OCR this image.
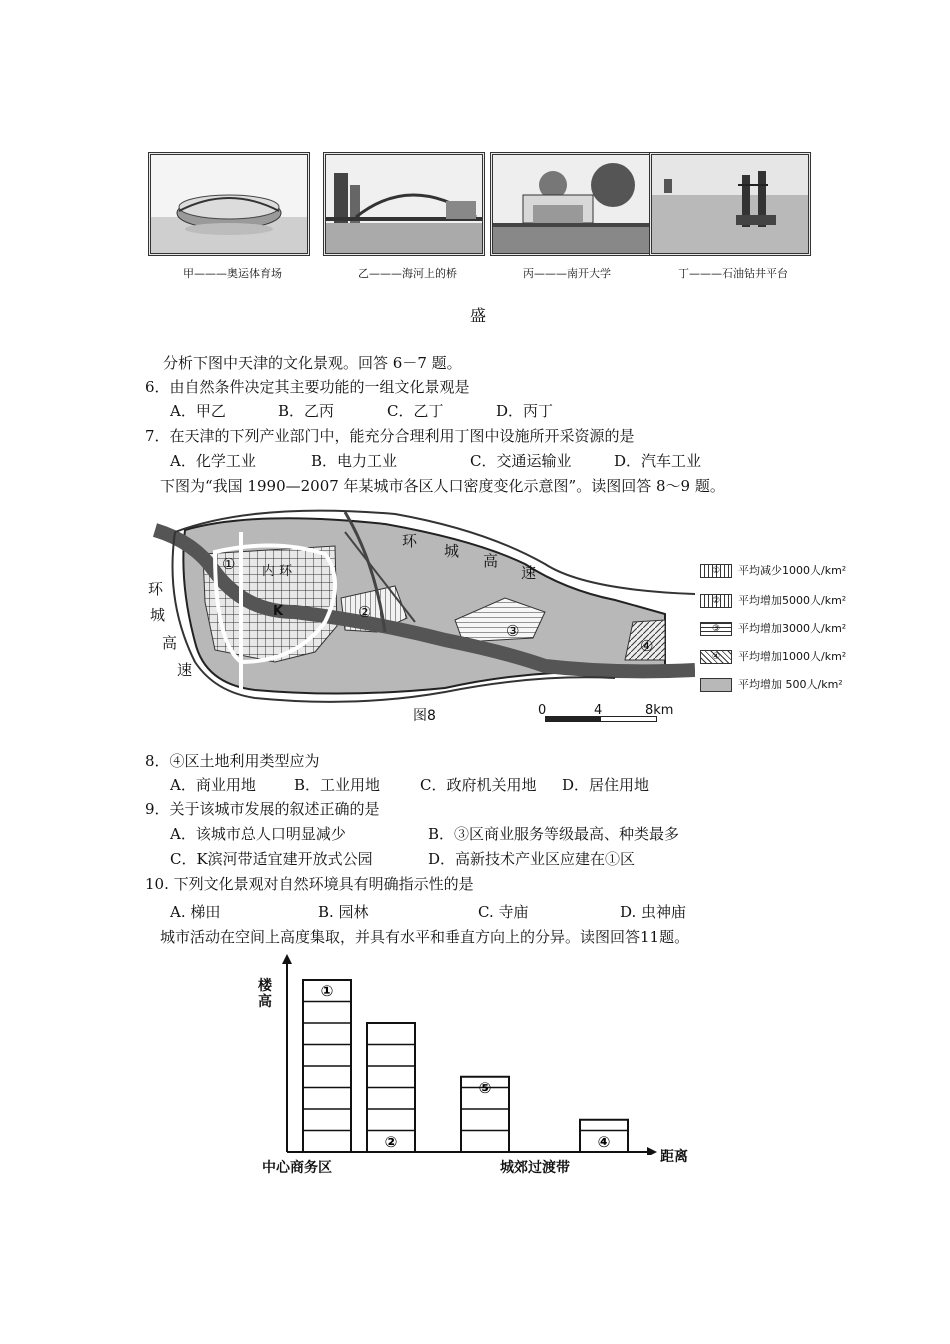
甲———奥运体育场	乙———海河上的桥	丙———南开大学	丁———石油钻井平台
盛
分析下图中天津的文化景观。回答 6－7 题。
6．由自然条件决定其主要功能的一组文化景观是
A．甲乙	B．乙丙	C．乙丁	D．丙丁
7．在天津的下列产业部门中，能充分合理利用丁图中设施所开采资源的是
A．化学工业	B．电力工业	C．交通运输业	D．汽车工业
下图为“我国 1990—2007 年某城市各区人口密度变化示意图”。读图回答 8～9 题。
环
城
高
速
环
城
高
速
内 环
K
①
②
③
④
图8	0	4	8km
① 平均减少1000人/km²
② 平均增加5000人/km²
③ 平均增加3000人/km²
④ 平均增加1000人/km²
平均增加 500人/km²
8．④区土地利用类型应为
A．商业用地	B．工业用地	C．政府机关用地 D．居住用地
9．关于该城市发展的叙述正确的是
A．该城市总人口明显减少	B．③区商业服务等级最高、种类最多
C．K滨河带适宜建开放式公园	D．高新技术产业区应建在①区
10. 下列文化景观对自然环境具有明确指示性的是
A. 梯田	B. 园林	C. 寺庙	D. 虫神庙
城市活动在空间上高度集取，并具有水平和垂直方向上的分异。读图回答11题。
①
②
⑤
④
楼高
距离
中心商务区	城郊过渡带
